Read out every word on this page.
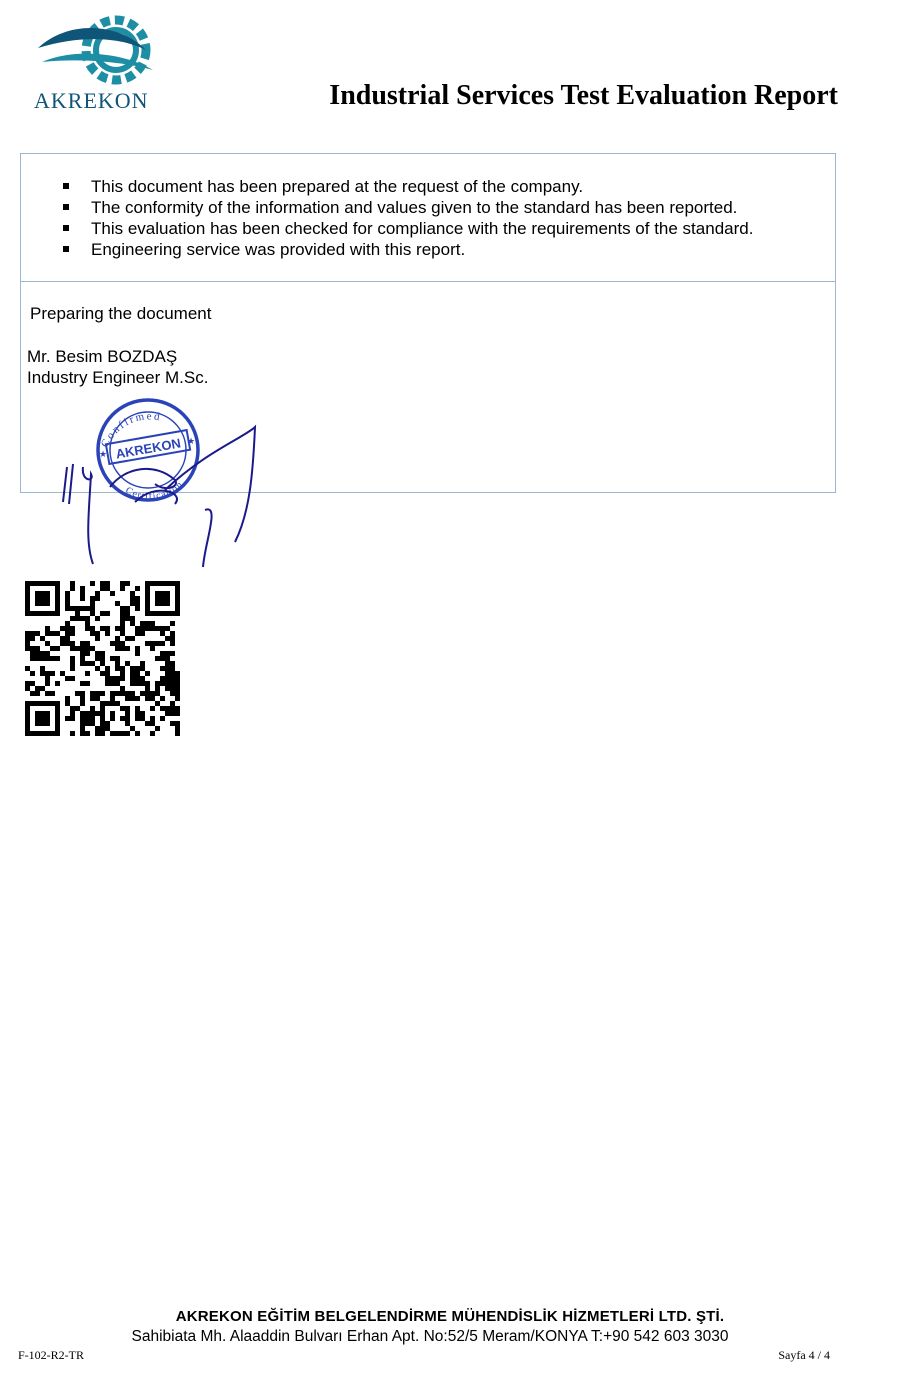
AKREKON	Industrial Services Test Evaluation Report
This document has been prepared at the request of the company.
The conformity of the information and values given to the standard has been reported.
This evaluation has been checked for compliance with the requirements of the standard.
Engineering service was provided with this report.
Preparing the document
Mr. Besim BOZDAŞ
Industry Engineer M.Sc.
Confirmed
Certification
AKREKON
★
★
AKREKON EĞİTİM BELGELENDİRME MÜHENDİSLİK HİZMETLERİ LTD. ŞTİ.
Sahibiata Mh. Alaaddin Bulvarı Erhan Apt. No:52/5 Meram/KONYA T:+90 542 603 3030
F-102-R2-TR	Sayfa 4 / 4
